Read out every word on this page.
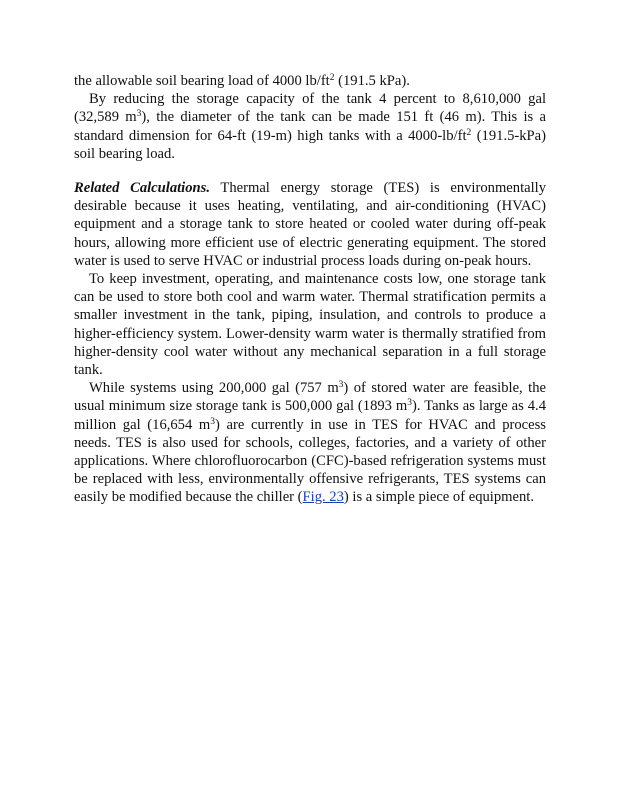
the allowable soil bearing load of 4000 $lb/ft^2$ (191.5 kPa).

By reducing the storage capacity of the tank 4 percent to 8,610,000 gal (32,589 $m^3$), the diameter of the tank can be made 151 ft (46 m). This is a standard dimension for 64-ft (19-m) high tanks with a $4000-lb/ft^2$ (191.5-kPa) soil bearing load.

Related Calculations. Thermal energy storage (TES) is environmentally desirable because it uses heating, ventilating, and air-conditioning (HVAC) equipment and a storage tank to store heated or cooled water during off-peak hours, allowing more efficient use of electric generating equipment. The stored water is used to serve HVAC or industrial process loads during on-peak hours.

To keep investment, operating, and maintenance costs low, one storage tank can be used to store both cool and warm water. Thermal stratification permits a smaller investment in the tank, piping, insulation, and controls to produce a higher-efficiency system. Lower-density warm water is thermally stratified from higher-density cool water without any mechanical separation in a full storage tank.

While systems using 200,000 gal (757 $m^3$) of stored water are feasible, the usual minimum size storage tank is 500,000 gal (1893 $m^3$). Tanks as large as 4.4 million gal (16,654 $m^3$) are currently in use in TES for HVAC and process needs. TES is also used for schools, colleges, factories, and a variety of other applications. Where chlorofluorocarbon (CFC)-based refrigeration systems must be replaced with less, environmentally offensive refrigerants, TES systems can easily be modified because the chiller (Fig. 23) is a simple piece of equipment.
